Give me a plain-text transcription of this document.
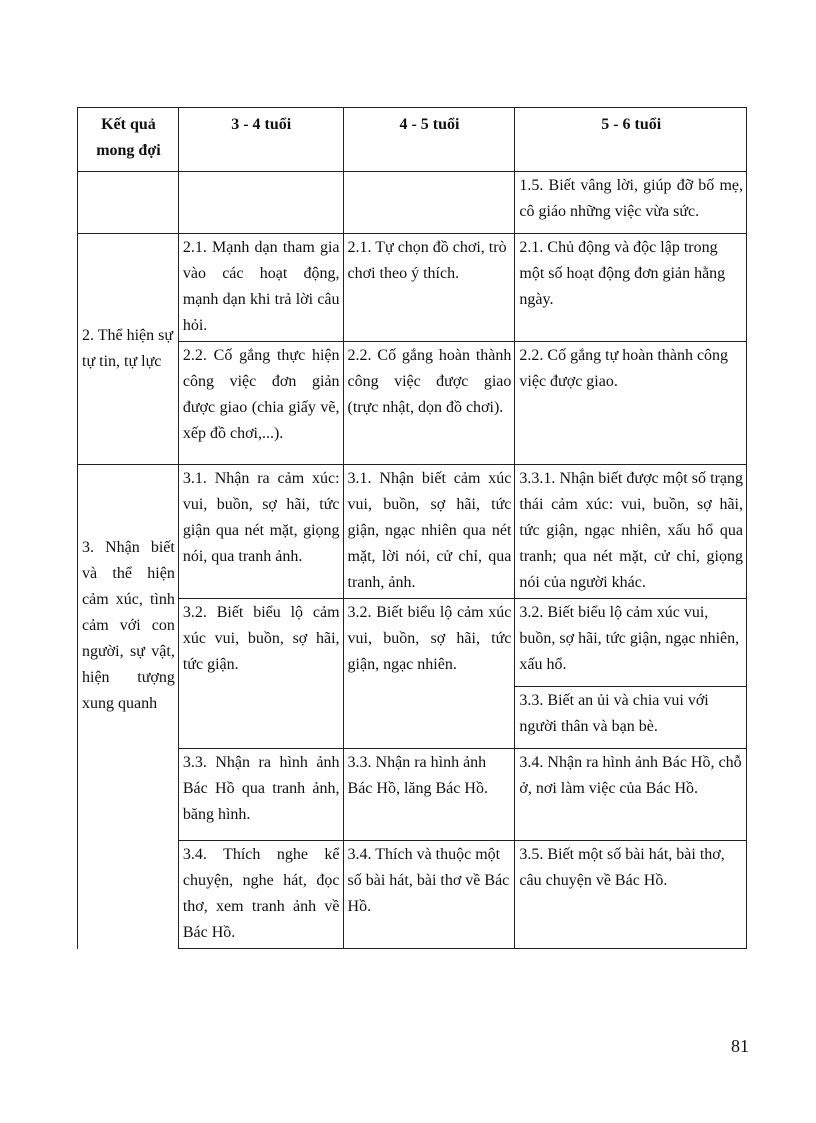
Kết quả mong đợi	3 - 4 tuổi	4 - 5 tuổi	5 - 6 tuổi
			1.5. Biết vâng lời, giúp đỡ bố mẹ, cô giáo những việc vừa sức.
2. Thể hiện sự tự tin, tự lực	2.1. Mạnh dạn tham gia vào các hoạt động, mạnh dạn khi trả lời câu hỏi.	2.1. Tự chọn đồ chơi, trò chơi theo ý thích.	2.1. Chủ động và độc lập trong một số hoạt động đơn giản hằng ngày.
	2.2. Cố gắng thực hiện công việc đơn giản được giao (chia giấy vẽ, xếp đồ chơi,...).	2.2. Cố gắng hoàn thành công việc được giao (trực nhật, dọn đồ chơi).	2.2. Cố gắng tự hoàn thành công việc được giao.
3. Nhận biết và thể hiện cảm xúc, tình cảm với con người, sự vật, hiện tượng xung quanh	3.1. Nhận ra cảm xúc: vui, buồn, sợ hãi, tức giận qua nét mặt, giọng nói, qua tranh ảnh.	3.1. Nhận biết cảm xúc vui, buồn, sợ hãi, tức giận, ngạc nhiên qua nét mặt, lời nói, cử chỉ, qua tranh, ảnh.	3.3.1. Nhận biết được một số trạng thái cảm xúc: vui, buồn, sợ hãi, tức giận, ngạc nhiên, xấu hổ qua tranh; qua nét mặt, cử chỉ, giọng nói của người khác.
	3.2. Biết biểu lộ cảm xúc vui, buồn, sợ hãi, tức giận.	3.2. Biết biểu lộ cảm xúc vui, buồn, sợ hãi, tức giận, ngạc nhiên.	3.2. Biết biểu lộ cảm xúc vui, buồn, sợ hãi, tức giận, ngạc nhiên, xấu hổ.
			3.3. Biết an ủi và chia vui với người thân và bạn bè.
	3.3. Nhận ra hình ảnh Bác Hồ qua tranh ảnh, băng hình.	3.3. Nhận ra hình ảnh Bác Hồ, lăng Bác Hồ.	3.4. Nhận ra hình ảnh Bác Hồ, chỗ ở, nơi làm việc của Bác Hồ.
	3.4. Thích nghe kể chuyện, nghe hát, đọc thơ, xem tranh ảnh về Bác Hồ.	3.4. Thích và thuộc một số bài hát, bài thơ về Bác Hồ.	3.5. Biết một số bài hát, bài thơ, câu chuyện về Bác Hồ.
81
